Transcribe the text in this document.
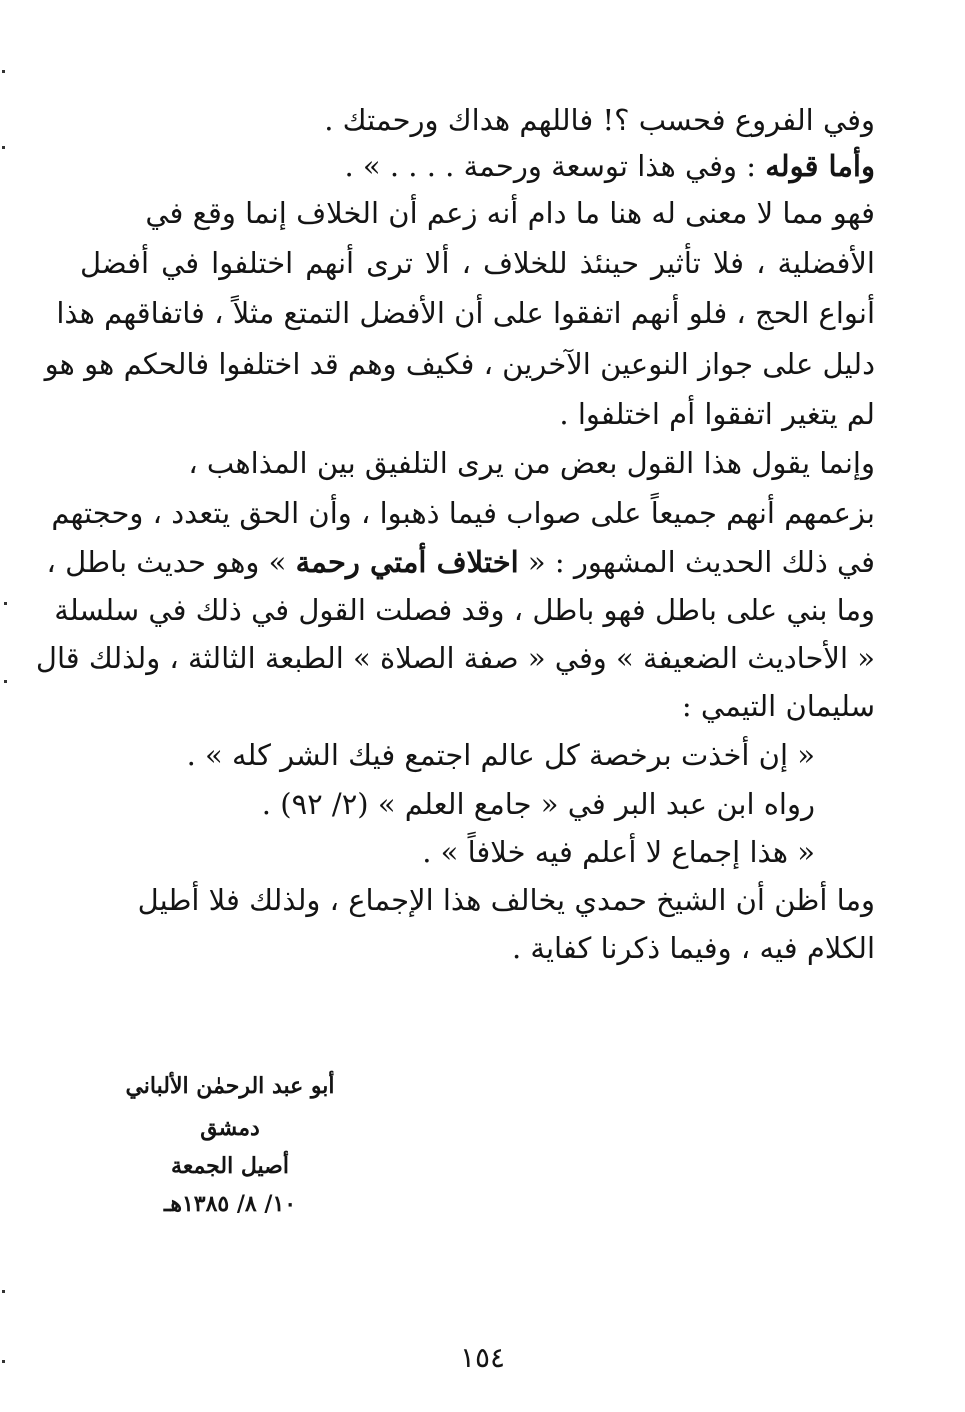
وفي الفروع فحسب ؟! فاللهم هداك ورحمتك .
وأما قوله : وفي هذا توسعة ورحمة . . . . » .
فهو مما لا معنى له هنا ما دام أنه زعم أن الخلاف إنما وقع في
الأفضلية ، فلا تأثير حينئذ للخلاف ، ألا ترى أنهم اختلفوا في أفضل
أنواع الحج ، فلو أنهم اتفقوا على أن الأفضل التمتع مثلاً ، فاتفاقهم هذا
دليل على جواز النوعين الآخرين ، فكيف وهم قد اختلفوا فالحكم هو هو
لم يتغير اتفقوا أم اختلفوا .
وإنما يقول هذا القول بعض من يرى التلفيق بين المذاهب ،
بزعمهم أنهم جميعاً على صواب فيما ذهبوا ، وأن الحق يتعدد ، وحجتهم
في ذلك الحديث المشهور : « اختلاف أمتي رحمة » وهو حديث باطل ،
وما بني على باطل فهو باطل ، وقد فصلت القول في ذلك في سلسلة
« الأحاديث الضعيفة » وفي « صفة الصلاة » الطبعة الثالثة ، ولذلك قال
سليمان التيمي :
« إن أخذت برخصة كل عالم اجتمع فيك الشر كله » .
رواه ابن عبد البر في « جامع العلم » (٢/ ٩٢) .
« هذا إجماع لا أعلم فيه خلافاً » .
وما أظن أن الشيخ حمدي يخالف هذا الإجماع ، ولذلك فلا أطيل
الكلام فيه ، وفيما ذكرنا كفاية .
أبو عبد الرحمٰن الألباني
دمشق
أصيل الجمعة
١٠/ ٨/ ١٣٨٥هـ
١٥٤
